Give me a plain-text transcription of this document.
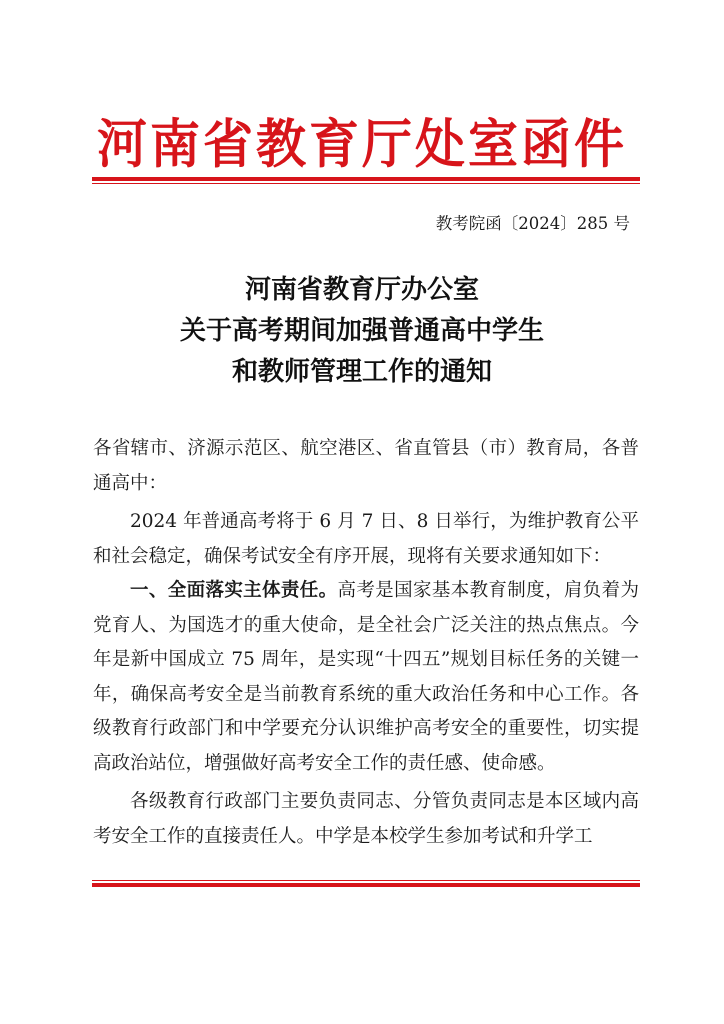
河南省教育厅处室函件
教考院函〔2024〕285 号
河南省教育厅办公室
关于高考期间加强普通高中学生
和教师管理工作的通知

各省辖市、济源示范区、航空港区、省直管县（市）教育局，各普通高中：

2024 年普通高考将于 6 月 7 日、8 日举行，为维护教育公平和社会稳定，确保考试安全有序开展，现将有关要求通知如下：

一、全面落实主体责任。高考是国家基本教育制度，肩负着为党育人、为国选才的重大使命，是全社会广泛关注的热点焦点。今年是新中国成立 75 周年，是实现“十四五”规划目标任务的关键一年，确保高考安全是当前教育系统的重大政治任务和中心工作。各级教育行政部门和中学要充分认识维护高考安全的重要性，切实提高政治站位，增强做好高考安全工作的责任感、使命感。

各级教育行政部门主要负责同志、分管负责同志是本区域内高考安全工作的直接责任人。中学是本校学生参加考试和升学工
